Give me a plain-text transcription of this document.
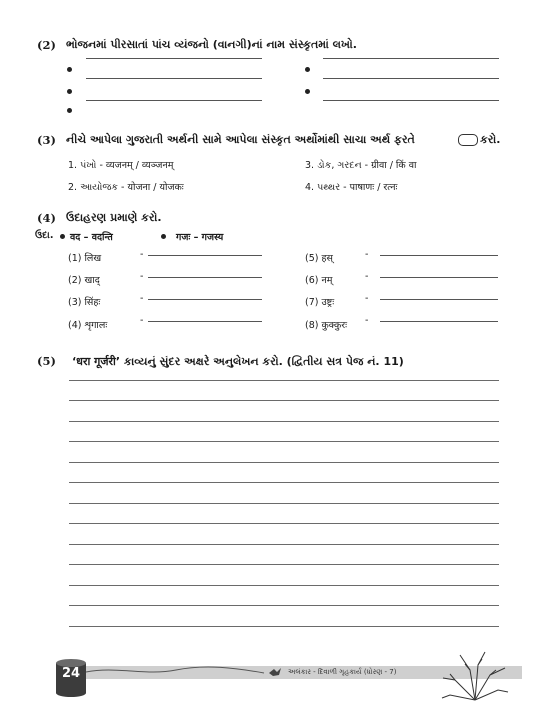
(2) ભોજનમાં પીરસાતાં પાંચ વ્યંજનો (વાનગી)નાં નામ સંસ્કૃતમાં લખો.
(3) નીચે આપેલા ગુજરાતી અર્થની સામે આપેલા સંસ્કૃત અર્થોમાંથી સાચા અર્થ ફરતે	કરો.
1. પંખો - व्यजनम् / व्यञ्जनम्	3. ડોક, ગરદન - ग्रीवा / किं वा
2. આયોજક - योजना / योजकः	4. પથ્થર - पाषाणः / रत्नः
(4) ઉદાહરણ પ્રમાણે કરો.
ઉદા. वद – वदन्ति	गजः – गजस्य
(1) लिख	-
(2) खाद्	-
(3) सिंहः	-
(4) शृगालः	-
(5) हस्	-
(6) नम्	-
(7) उष्ट्रः	-
(8) कुक्कुरः -
(5) ‘धरा गूर्जरी’ કાવ્યનું સુંદર અક્ષરે અનુલેખન કરો. (દ્વિતીય સત્ર પેજ નં. 11)
24	અલંકાર - દિવાળી ગૃહકાર્ય (ધોરણ - 7)
